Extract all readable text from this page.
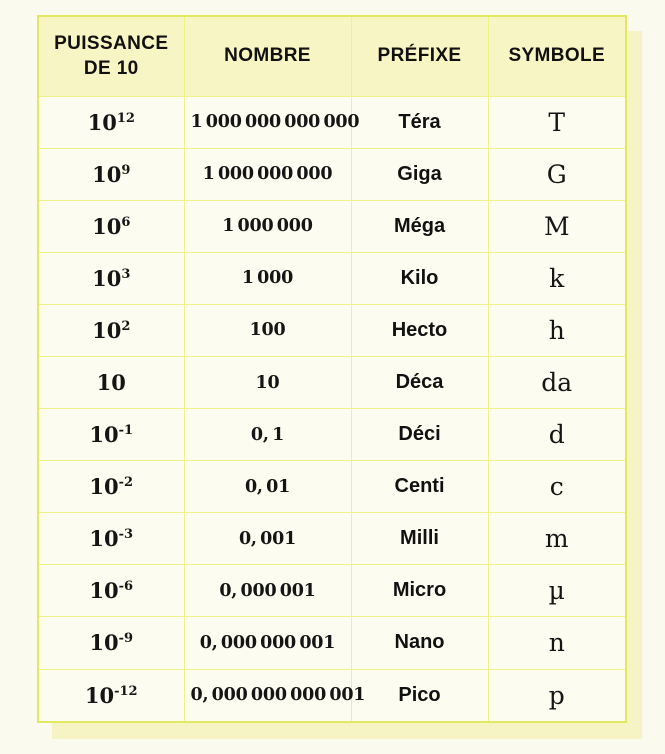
PUISSANCE DE 10	NOMBRE	PRÉFIXE	SYMBOLE
$10^{12}$	1 000 000 000 000	Téra	T
$10^9$	1 000 000 000	Giga	G
$10^6$	1 000 000	Méga	M
$10^3$	1 000	Kilo	k
$10^2$	100	Hecto	h
10	10	Déca	da
$10^{-1}$	0, 1	Déci	d
$10^{-2}$	0, 01	Centi	c
$10^{-3}$	0, 001	Milli	m
$10^{-6}$	0, 000 001	Micro	µ
$10^{-9}$	0, 000 000 001	Nano	n
$10^{-12}$	0, 000 000 000 001	Pico	p
